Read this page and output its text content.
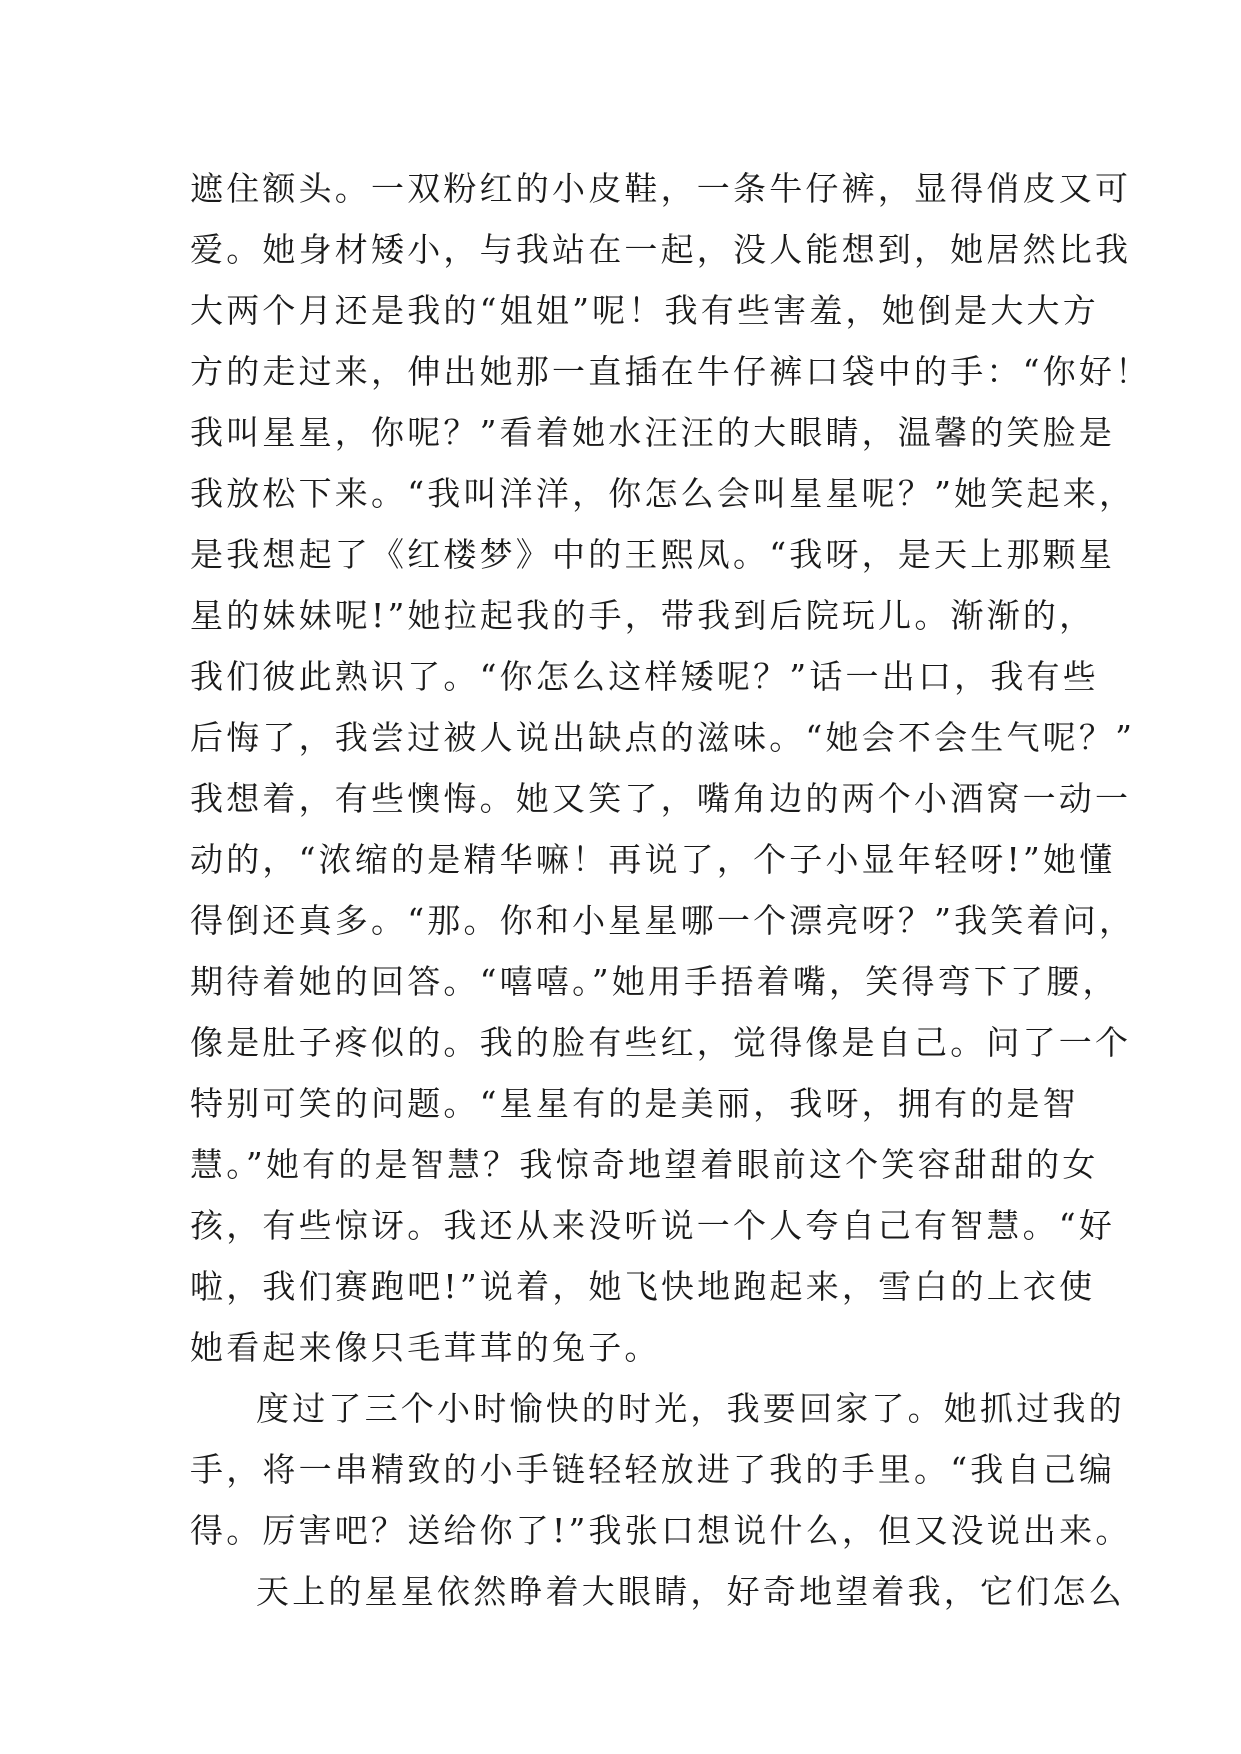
遮住额头。一双粉红的小皮鞋，一条牛仔裤，显得俏皮又可
爱。她身材矮小，与我站在一起，没人能想到，她居然比我
大两个月还是我的“姐姐”呢！我有些害羞，她倒是大大方
方的走过来，伸出她那一直插在牛仔裤口袋中的手：“你好！
我叫星星，你呢？”看着她水汪汪的大眼睛，温馨的笑脸是
我放松下来。“我叫洋洋，你怎么会叫星星呢？”她笑起来，
是我想起了《红楼梦》中的王熙凤。“我呀，是天上那颗星
星的妹妹呢!”她拉起我的手，带我到后院玩儿。渐渐的，
我们彼此熟识了。“你怎么这样矮呢？”话一出口，我有些
后悔了，我尝过被人说出缺点的滋味。“她会不会生气呢？”
我想着，有些懊悔。她又笑了，嘴角边的两个小酒窝一动一
动的，“浓缩的是精华嘛！再说了，个子小显年轻呀!”她懂
得倒还真多。“那。你和小星星哪一个漂亮呀？”我笑着问，
期待着她的回答。“嘻嘻。”她用手捂着嘴，笑得弯下了腰，
像是肚子疼似的。我的脸有些红，觉得像是自己。问了一个
特别可笑的问题。“星星有的是美丽，我呀，拥有的是智
慧。”她有的是智慧？我惊奇地望着眼前这个笑容甜甜的女
孩，有些惊讶。我还从来没听说一个人夸自己有智慧。“好
啦，我们赛跑吧!”说着，她飞快地跑起来，雪白的上衣使
她看起来像只毛茸茸的兔子。
度过了三个小时愉快的时光，我要回家了。她抓过我的
手，将一串精致的小手链轻轻放进了我的手里。“我自己编
得。厉害吧？送给你了!”我张口想说什么，但又没说出来。
天上的星星依然睁着大眼睛，好奇地望着我，它们怎么
